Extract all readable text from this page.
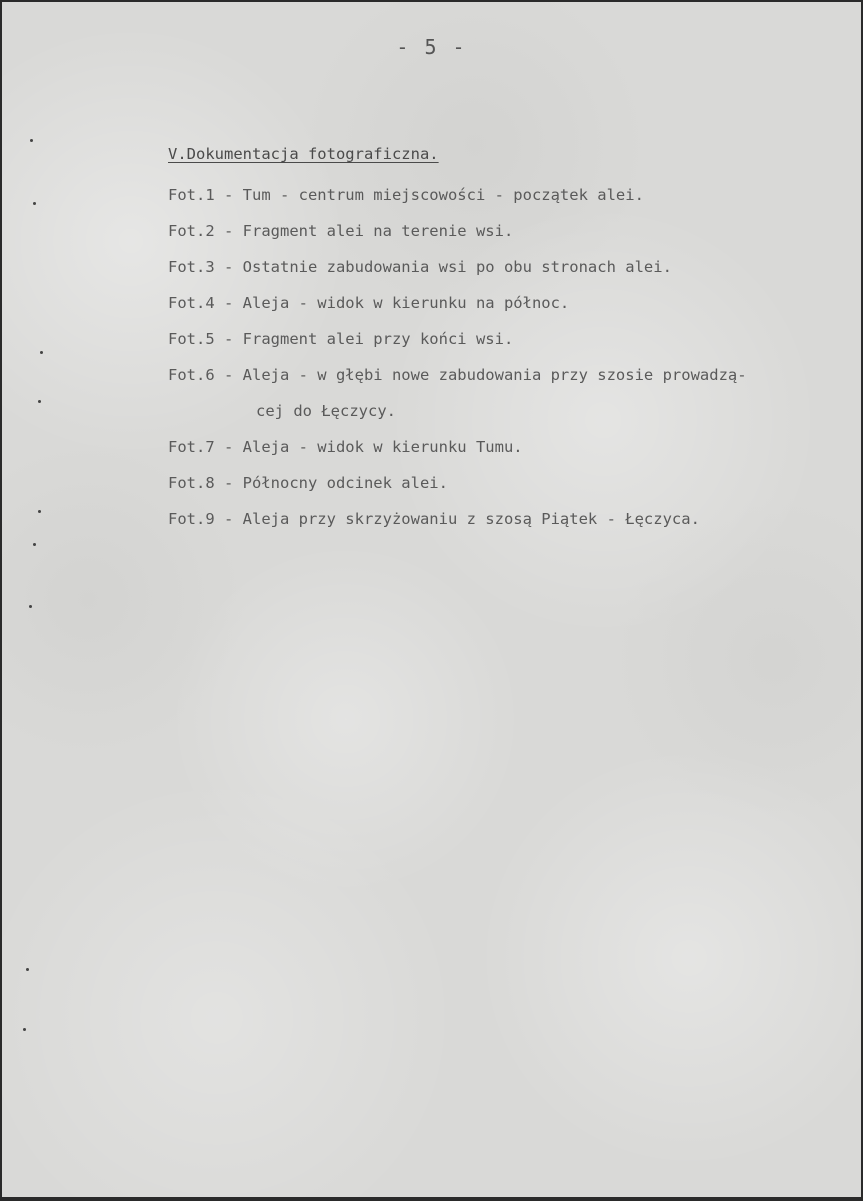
- 5 -
V.Dokumentacja fotograficzna.
Fot.1 - Tum - centrum miejscowości - początek alei.
Fot.2 - Fragment alei na terenie wsi.
Fot.3 - Ostatnie zabudowania wsi po obu stronach alei.
Fot.4 - Aleja - widok w kierunku na północ.
Fot.5 - Fragment alei przy końci wsi.
Fot.6 - Aleja - w głębi nowe zabudowania przy szosie prowadzą-
cej do Łęczycy.
Fot.7 - Aleja - widok w kierunku Tumu.
Fot.8 - Północny odcinek alei.
Fot.9 - Aleja przy skrzyżowaniu z szosą Piątek - Łęczyca.
